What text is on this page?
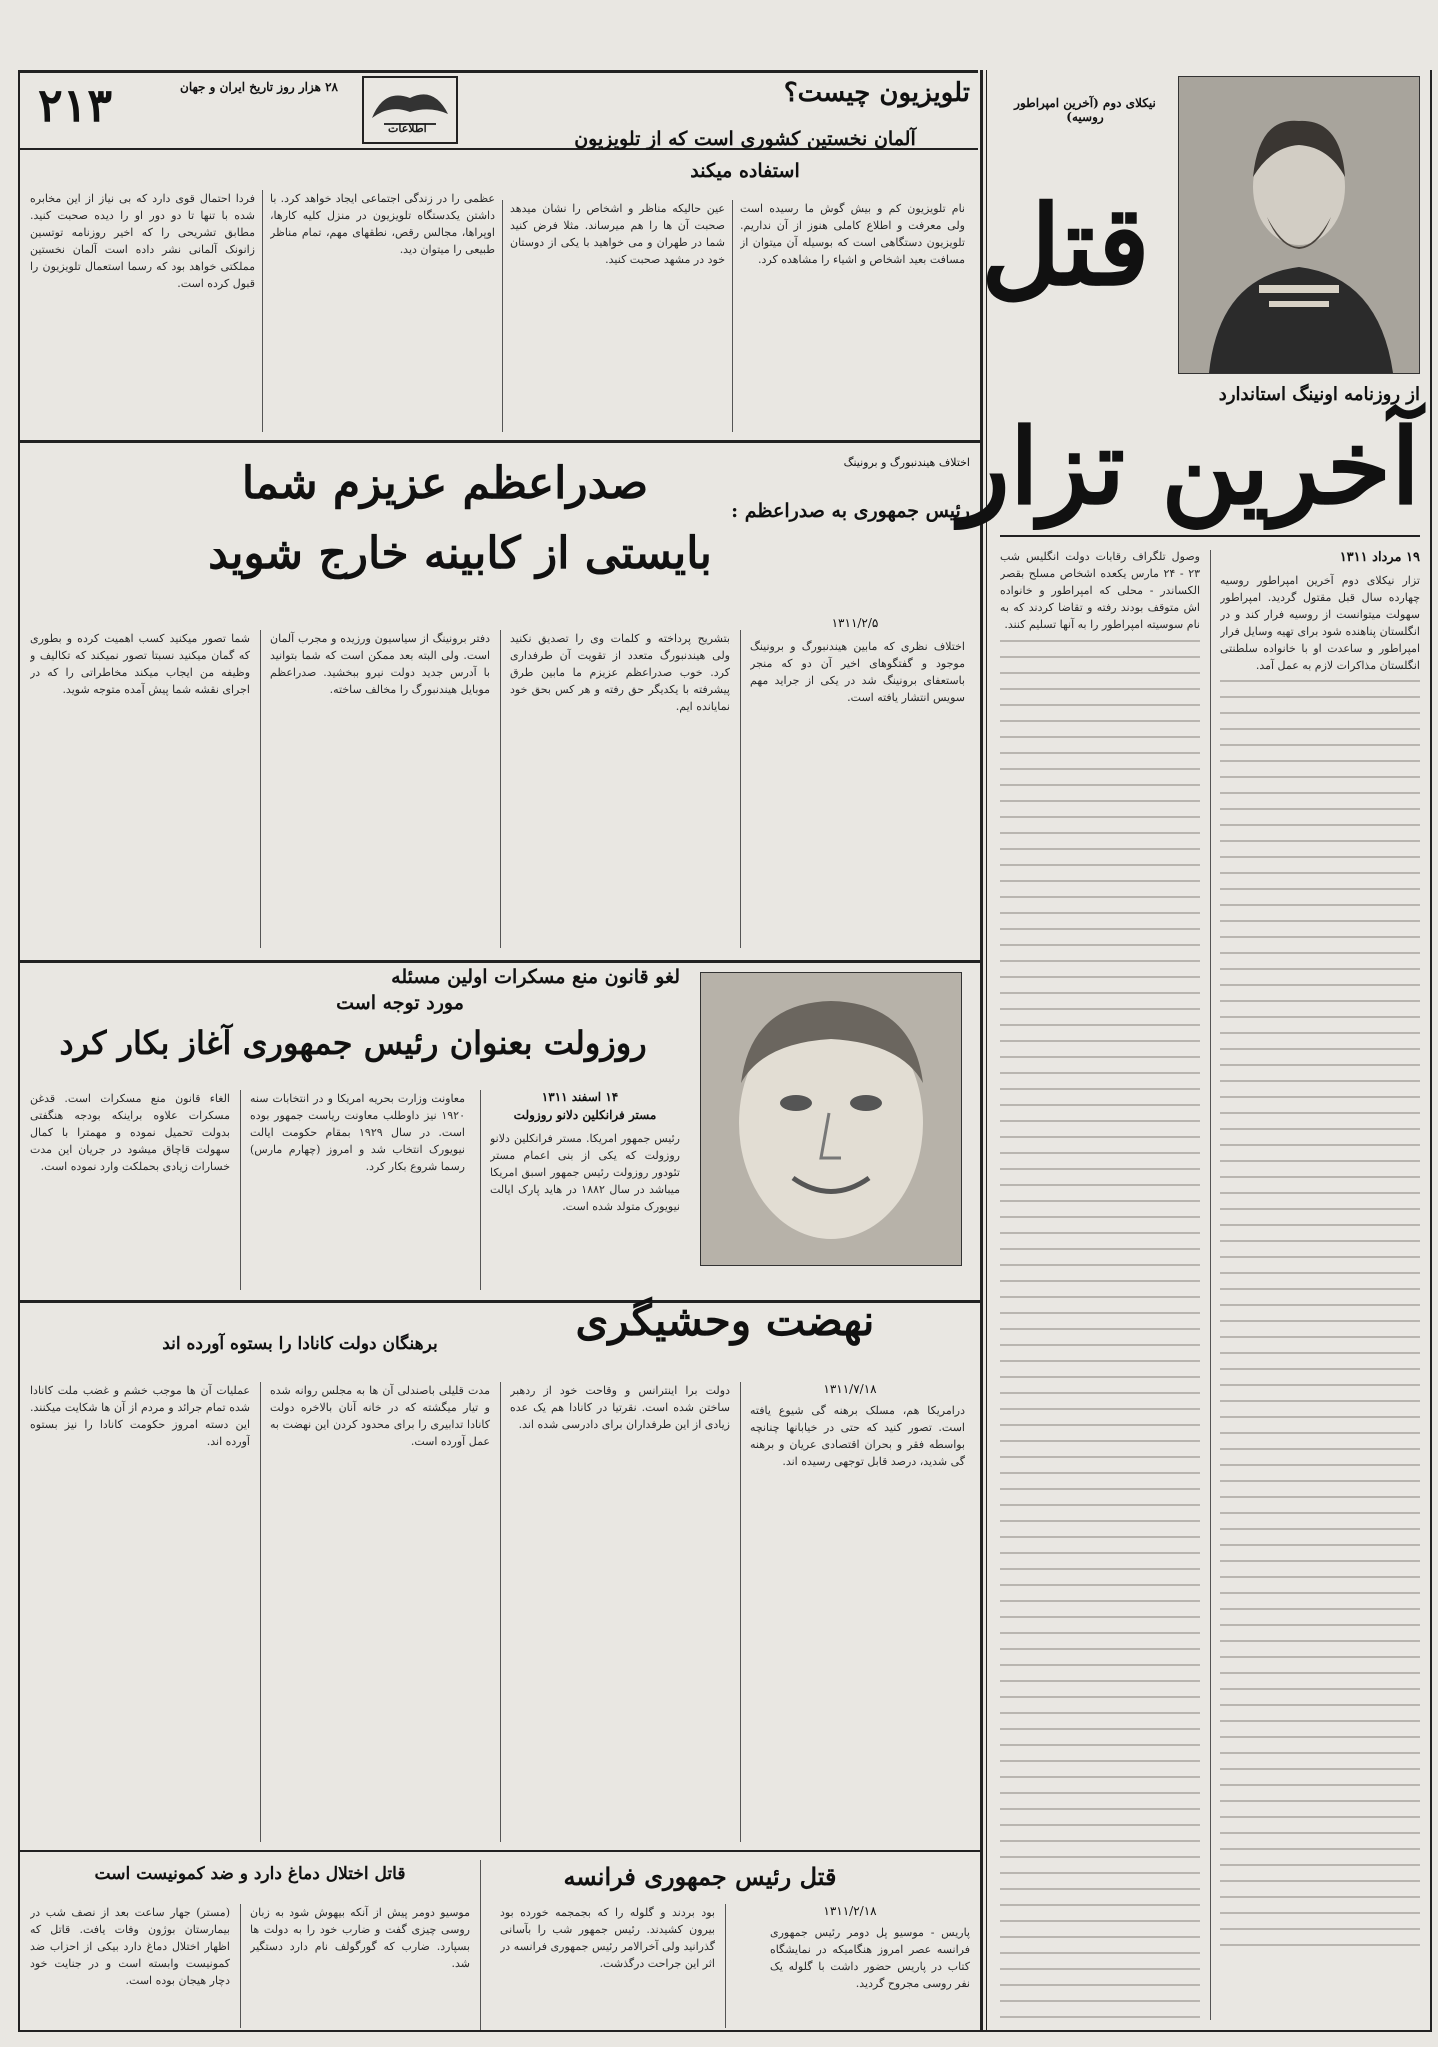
۲۱۳	۲۸ هزار روز تاریخ ایران و جهان
اطلاعات
تلویزیون چیست؟
آلمان نخستین کشوری است که از تلویزیون
استفاده میکند
نام تلویزیون کم و بیش گوش ما رسیده است ولی معرفت و اطلاع کاملی هنوز از آن نداریم. تلویزیون دستگاهی است که بوسیله آن میتوان از مسافت بعید اشخاص و اشیاء را مشاهده کرد.
عین حالیکه مناظر و اشخاص را نشان میدهد صحبت آن ها را هم میرساند. مثلا فرض کنید شما در طهران و می خواهید با یکی از دوستان خود در مشهد صحبت کنید.
عظمی را در زندگی اجتماعی ایجاد خواهد کرد. با داشتن یکدستگاه تلویزیون در منزل کلیه کارها، اوپراها، مجالس رقص، نطقهای مهم، تمام مناظر طبیعی را میتوان دید.
فردا احتمال قوی دارد که بی نیاز از این مخابره شده با تنها تا دو دور او را دیده صحبت کنید. مطابق تشریحی را که اخیر روزنامه توتسین زانونک آلمانی نشر داده است آلمان نخستین مملکتی خواهد بود که رسما استعمال تلویزیون را قبول کرده است.
نیکلای دوم (آخرین امپراطور روسیه)
قتل
از روزنامه اونینگ استاندارد
آخرین تزار
۱۹ مرداد ۱۳۱۱
تزار نیکلای دوم آخرین امپراطور روسیه چهارده سال قبل مقتول گردید. امپراطور سهولت میتوانست از روسیه فرار کند و در انگلستان پناهنده شود برای تهیه وسایل فرار امپراطور و ساعدت او با خانواده سلطنتی انگلستان مذاکرات لازم به عمل آمد.
وصول تلگراف رقابات دولت انگلیس شب ۲۳ - ۲۴ مارس یکعده اشخاص مسلح بقصر الکساندر - محلی که امپراطور و خانواده اش متوقف بودند رفته و تقاضا کردند که به نام سوسیته امپراطور را به آنها تسلیم کنند.
اختلاف هیندنبورگ و برونینگ
رئیس جمهوری به صدراعظم :
صدراعظم عزیزم شما
بایستی از کابینه خارج شوید
۱۳۱۱/۲/۵
اختلاف نظری که مابین هیندنبورگ و برونینگ موجود و گفتگوهای اخیر آن دو که منجر باستعفای برونینگ شد در یکی از جراید مهم سویس انتشار یافته است.
بتشریح پرداخته و کلمات وی را تصدیق نکنید ولی هیندنبورگ متعدد از تقویت آن طرفداری کرد. خوب صدراعظم عزیزم ما مابین طرق پیشرفته با یکدیگر حق رفته و هر کس بحق خود نمایانده ایم.
دفتر برونینگ از سیاسیون ورزیده و مجرب آلمان است. ولی البته بعد ممکن است که شما بتوانید با آدرس جدید دولت نیرو ببخشید. صدراعظم موبایل هیندنبورگ را مخالف ساخته.
شما تصور میکنید کسب اهمیت کرده و بطوری که گمان میکنید نسبتا تصور نمیکند که تکالیف و وظیفه من ایجاب میکند مخاطراتی را که در اجرای نقشه شما پیش آمده متوجه شوید.
لغو قانون منع مسکرات اولین مسئله
مورد توجه است
روزولت بعنوان رئیس جمهوری آغاز بکار کرد
۱۴ اسفند ۱۳۱۱
مستر فرانکلین دلانو روزولت
رئیس جمهور امریکا. مستر فرانکلین دلانو روزولت که یکی از بنی اعمام مستر تئودور روزولت رئیس جمهور اسبق امریکا میباشد در سال ۱۸۸۲ در هاید پارک ایالت نیویورک متولد شده است.
معاونت وزارت بحریه امریکا و در انتخابات سنه ۱۹۲۰ نیز داوطلب معاونت ریاست جمهور بوده است. در سال ۱۹۲۹ بمقام حکومت ایالت نیویورک انتخاب شد و امروز (چهارم مارس) رسما شروع بکار کرد.
الغاء قانون منع مسکرات است. قدغن مسکرات علاوه براینکه بودجه هنگفتی بدولت تحمیل نموده و مهمترا با کمال سهولت قاچاق میشود در جریان این مدت خسارات زیادی بحملکت وارد نموده است.
نهضت وحشیگری
برهنگان دولت کانادا را بستوه آورده اند
۱۳۱۱/۷/۱۸
درامریکا هم، مسلک برهنه گی شیوع یافته است. تصور کنید که حتی در خیابانها چنانچه بواسطه فقر و بحران اقتصادی عریان و برهنه گی شدید، درصد قابل توجهی رسیده اند.
دولت برا اینترانس و وقاحت خود از ردهبر ساختن شده است. نقرتیا در کانادا هم یک عده زیادی از این طرفداران برای دادرسی شده اند.
مدت قلیلی باصندلی آن ها به مجلس روانه شده و تیار میگشته که در خانه آنان بالاخره دولت کانادا تدابیری را برای محدود کردن این نهضت به عمل آورده است.
عملیات آن ها موجب خشم و غضب ملت کانادا شده تمام جرائد و مردم از آن ها شکایت میکنند. این دسته امروز حکومت کانادا را نیز بستوه آورده اند.
قتل رئیس جمهوری فرانسه
۱۳۱۱/۲/۱۸
پاریس - موسیو پل دومر رئیس جمهوری فرانسه عصر امروز هنگامیکه در نمایشگاه کتاب در پاریس حضور داشت با گلوله یک نفر روسی مجروح گردید.
بود بردند و گلوله را که بجمجمه خورده بود بیرون کشیدند. رئیس جمهور شب را بآسانی گذرانید ولی آخرالامر رئیس جمهوری فرانسه در اثر این جراحت درگذشت.
موسیو دومر پیش از آنکه بیهوش شود به زبان روسی چیزی گفت و ضارب خود را به دولت ها بسپارد. ضارب که گورگولف نام دارد دستگیر شد.
قاتل اختلال دماغ دارد و ضد کمونیست است
(مستر) جهار ساعت بعد از نصف شب در بیمارستان بوژون وفات یافت. قاتل که اظهار اختلال دماغ دارد بیکی از احزاب ضد کمونیست وابسته است و در جنایت خود دچار هیجان بوده است.
